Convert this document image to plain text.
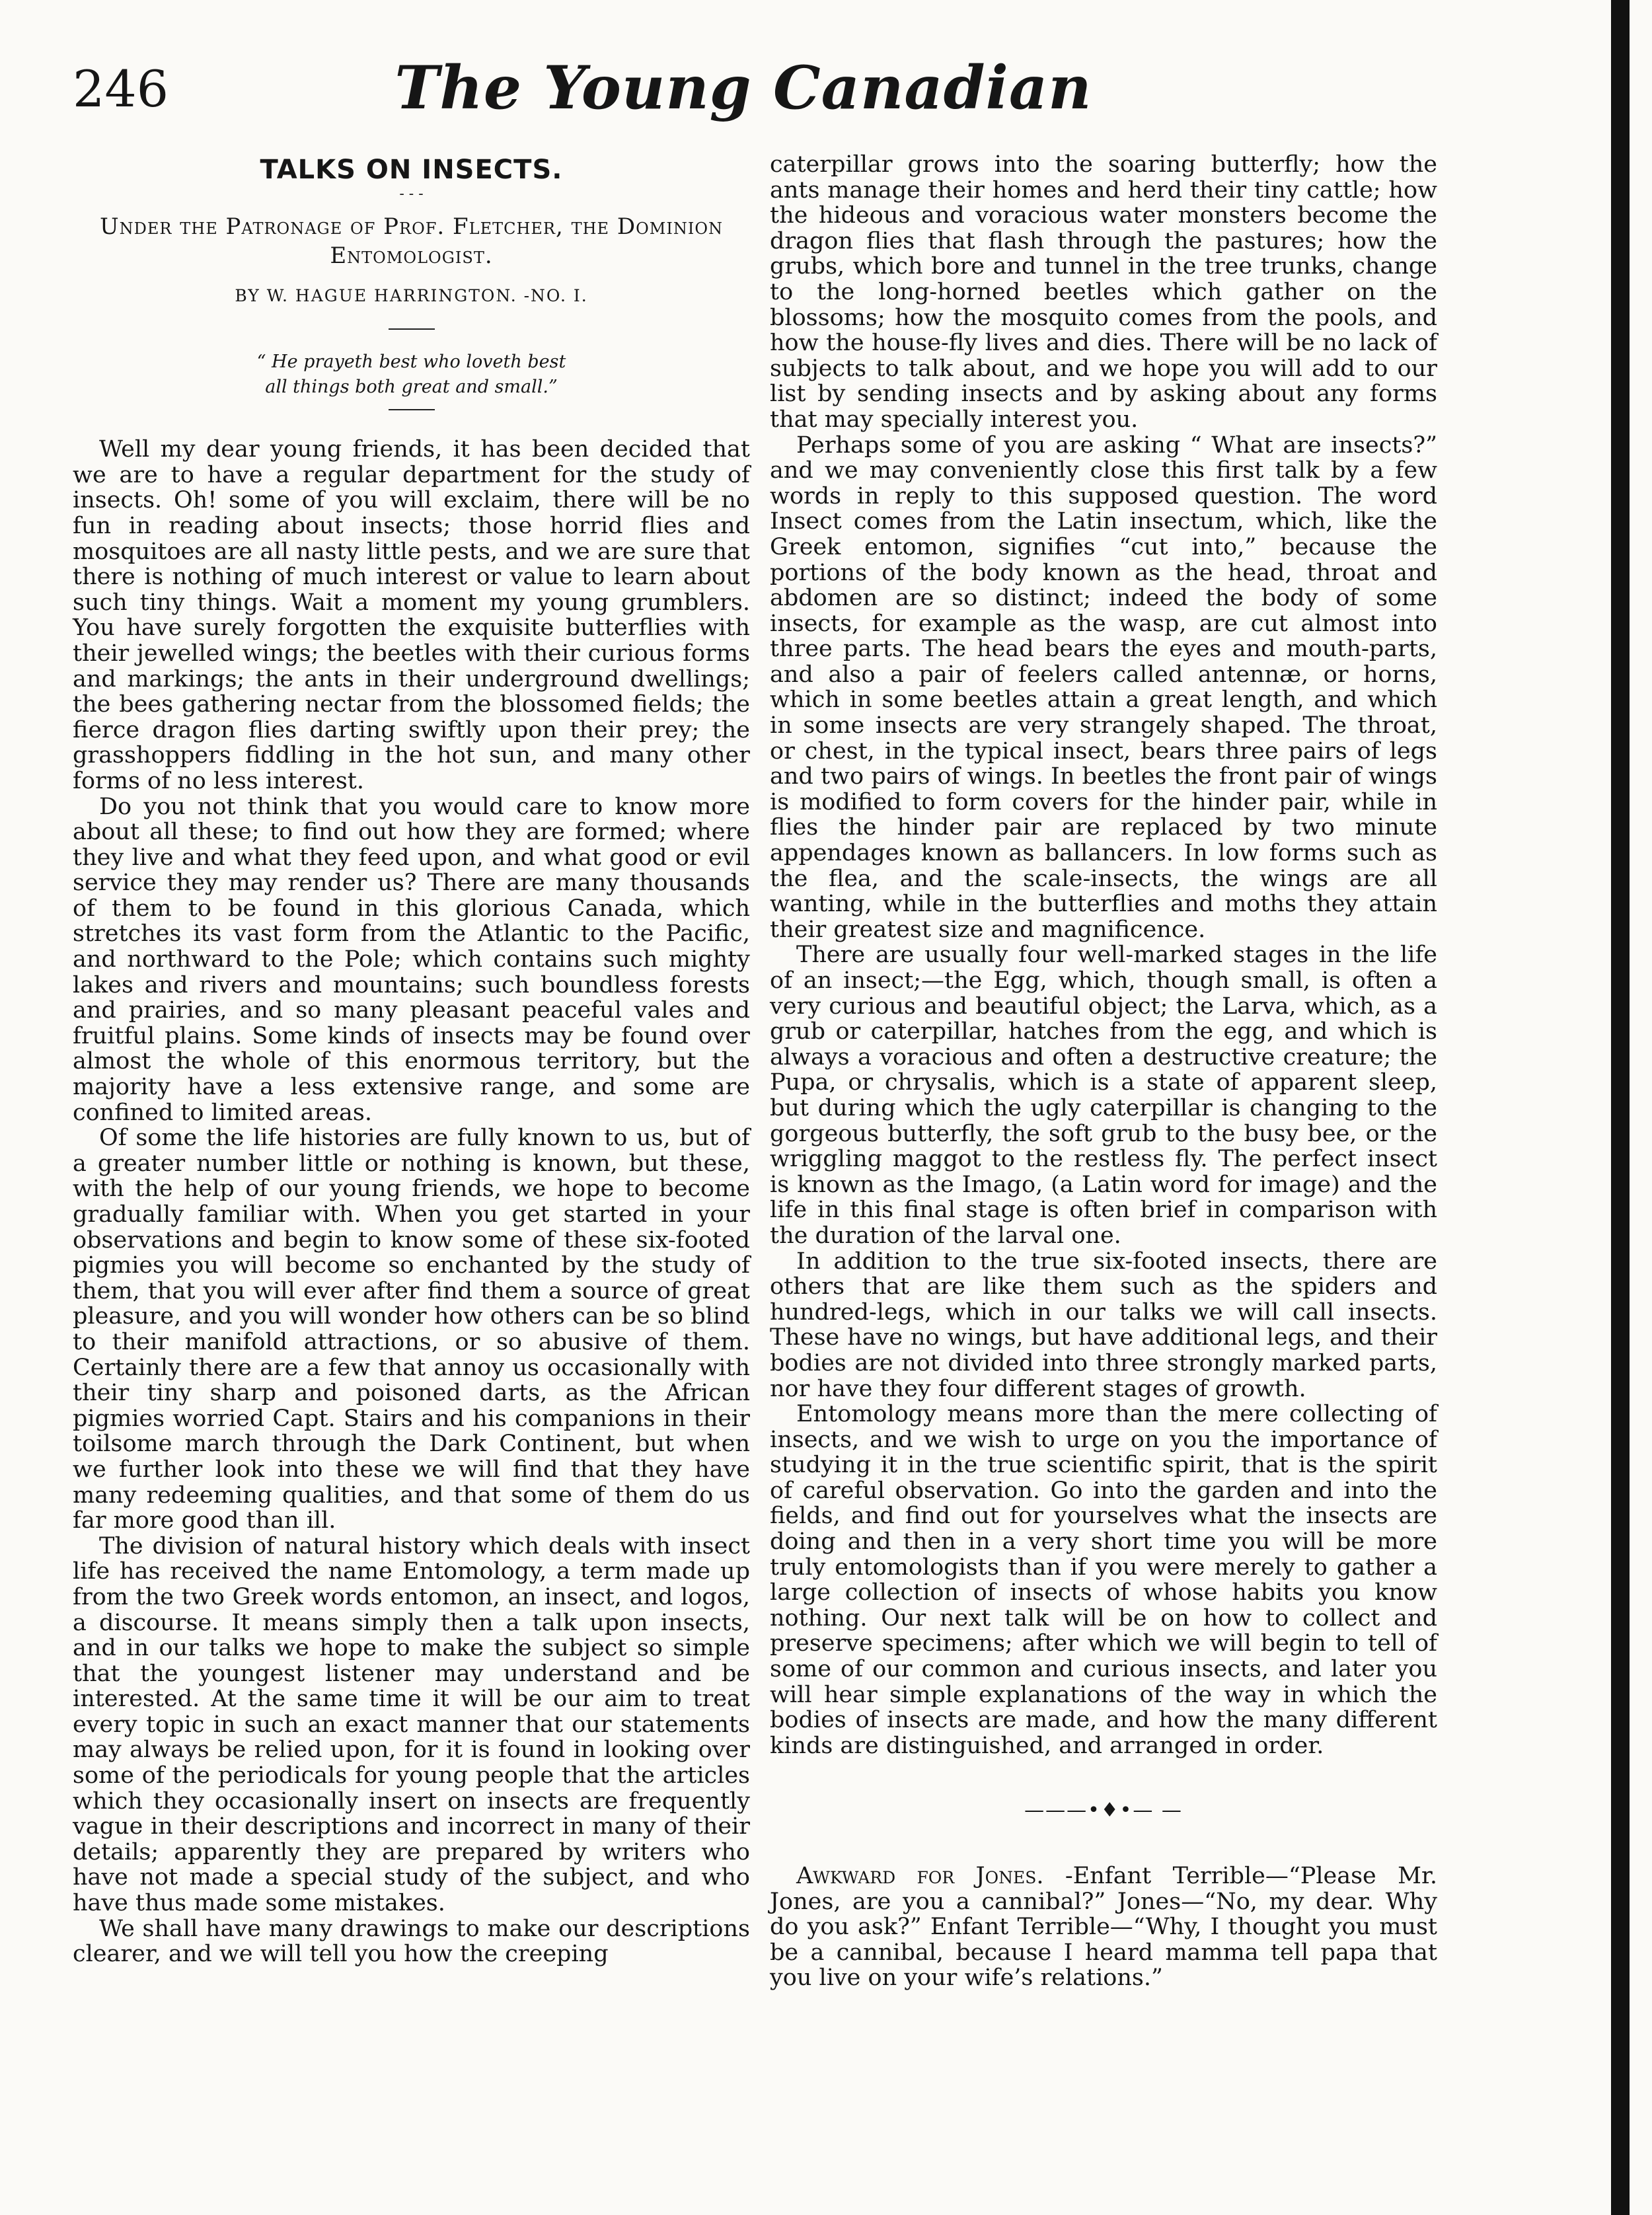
246	The Young Canadian
TALKS ON INSECTS.
- - -
Under the Patronage of Prof. Fletcher, the Dominion Entomologist.
BY W. HAGUE HARRINGTON. -NO. I.
“ He prayeth best who loveth best
all things both great and small.”

Well my dear young friends, it has been decided that we are to have a regular department for the study of insects. Oh! some of you will exclaim, there will be no fun in reading about insects; those horrid flies and mosquitoes are all nasty little pests, and we are sure that there is nothing of much interest or value to learn about such tiny things. Wait a moment my young grumblers. You have surely forgotten the exquisite butterflies with their jewelled wings; the beetles with their curious forms and markings; the ants in their underground dwellings; the bees gathering nectar from the blossomed fields; the fierce dragon flies darting swiftly upon their prey; the grasshoppers fiddling in the hot sun, and many other forms of no less interest.

Do you not think that you would care to know more about all these; to find out how they are formed; where they live and what they feed upon, and what good or evil service they may render us? There are many thousands of them to be found in this glorious Canada, which stretches its vast form from the Atlantic to the Pacific, and northward to the Pole; which contains such mighty lakes and rivers and mountains; such boundless forests and prairies, and so many pleasant peaceful vales and fruitful plains. Some kinds of insects may be found over almost the whole of this enormous territory, but the majority have a less extensive range, and some are confined to limited areas.

Of some the life histories are fully known to us, but of a greater number little or nothing is known, but these, with the help of our young friends, we hope to become gradually familiar with. When you get started in your observations and begin to know some of these six-footed pigmies you will become so enchanted by the study of them, that you will ever after find them a source of great pleasure, and you will wonder how others can be so blind to their manifold attractions, or so abusive of them. Certainly there are a few that annoy us occasionally with their tiny sharp and poisoned darts, as the African pigmies worried Capt. Stairs and his companions in their toilsome march through the Dark Continent, but when we further look into these we will find that they have many redeeming qualities, and that some of them do us far more good than ill.

The division of natural history which deals with insect life has received the name Entomology, a term made up from the two Greek words entomon, an insect, and logos, a discourse. It means simply then a talk upon insects, and in our talks we hope to make the subject so simple that the youngest listener may understand and be interested. At the same time it will be our aim to treat every topic in such an exact manner that our statements may always be relied upon, for it is found in looking over some of the periodicals for young people that the articles which they occasionally insert on insects are frequently vague in their descriptions and incorrect in many of their details; apparently they are prepared by writers who have not made a special study of the subject, and who have thus made some mistakes.

We shall have many drawings to make our descriptions clearer, and we will tell you how the creeping

caterpillar grows into the soaring butterfly; how the ants manage their homes and herd their tiny cattle; how the hideous and voracious water monsters become the dragon flies that flash through the pastures; how the grubs, which bore and tunnel in the tree trunks, change to the long-horned beetles which gather on the blossoms; how the mosquito comes from the pools, and how the house-fly lives and dies. There will be no lack of subjects to talk about, and we hope you will add to our list by sending insects and by asking about any forms that may specially interest you.

Perhaps some of you are asking “ What are insects?” and we may conveniently close this first talk by a few words in reply to this supposed question. The word Insect comes from the Latin insectum, which, like the Greek entomon, signifies “cut into,” because the portions of the body known as the head, throat and abdomen are so distinct; indeed the body of some insects, for example as the wasp, are cut almost into three parts. The head bears the eyes and mouth-parts, and also a pair of feelers called antennæ, or horns, which in some beetles attain a great length, and which in some insects are very strangely shaped. The throat, or chest, in the typical insect, bears three pairs of legs and two pairs of wings. In beetles the front pair of wings is modified to form covers for the hinder pair, while in flies the hinder pair are replaced by two minute appendages known as ballancers. In low forms such as the flea, and the scale-insects, the wings are all wanting, while in the butterflies and moths they attain their greatest size and magnificence.

There are usually four well-marked stages in the life of an insect;—the Egg, which, though small, is often a very curious and beautiful object; the Larva, which, as a grub or caterpillar, hatches from the egg, and which is always a voracious and often a destructive creature; the Pupa, or chrysalis, which is a state of apparent sleep, but during which the ugly caterpillar is changing to the gorgeous butterfly, the soft grub to the busy bee, or the wriggling maggot to the restless fly. The perfect insect is known as the Imago, (a Latin word for image) and the life in this final stage is often brief in comparison with the duration of the larval one.

In addition to the true six-footed insects, there are others that are like them such as the spiders and hundred-legs, which in our talks we will call insects. These have no wings, but have additional legs, and their bodies are not divided into three strongly marked parts, nor have they four different stages of growth.

Entomology means more than the mere collecting of insects, and we wish to urge on you the importance of studying it in the true scientific spirit, that is the spirit of careful observation. Go into the garden and into the fields, and find out for yourselves what the insects are doing and then in a very short time you will be more truly entomologists than if you were merely to gather a large collection of insects of whose habits you know nothing. Our next talk will be on how to collect and preserve specimens; after which we will begin to tell of some of our common and curious insects, and later you will hear simple explanations of the way in which the bodies of insects are made, and how the many different kinds are distinguished, and arranged in order.

———•♦•— —

Awkward for Jones. -Enfant Terrible—“Please Mr. Jones, are you a cannibal?” Jones—“No, my dear. Why do you ask?” Enfant Terrible—“Why, I thought you must be a cannibal, because I heard mamma tell papa that you live on your wife’s relations.”
